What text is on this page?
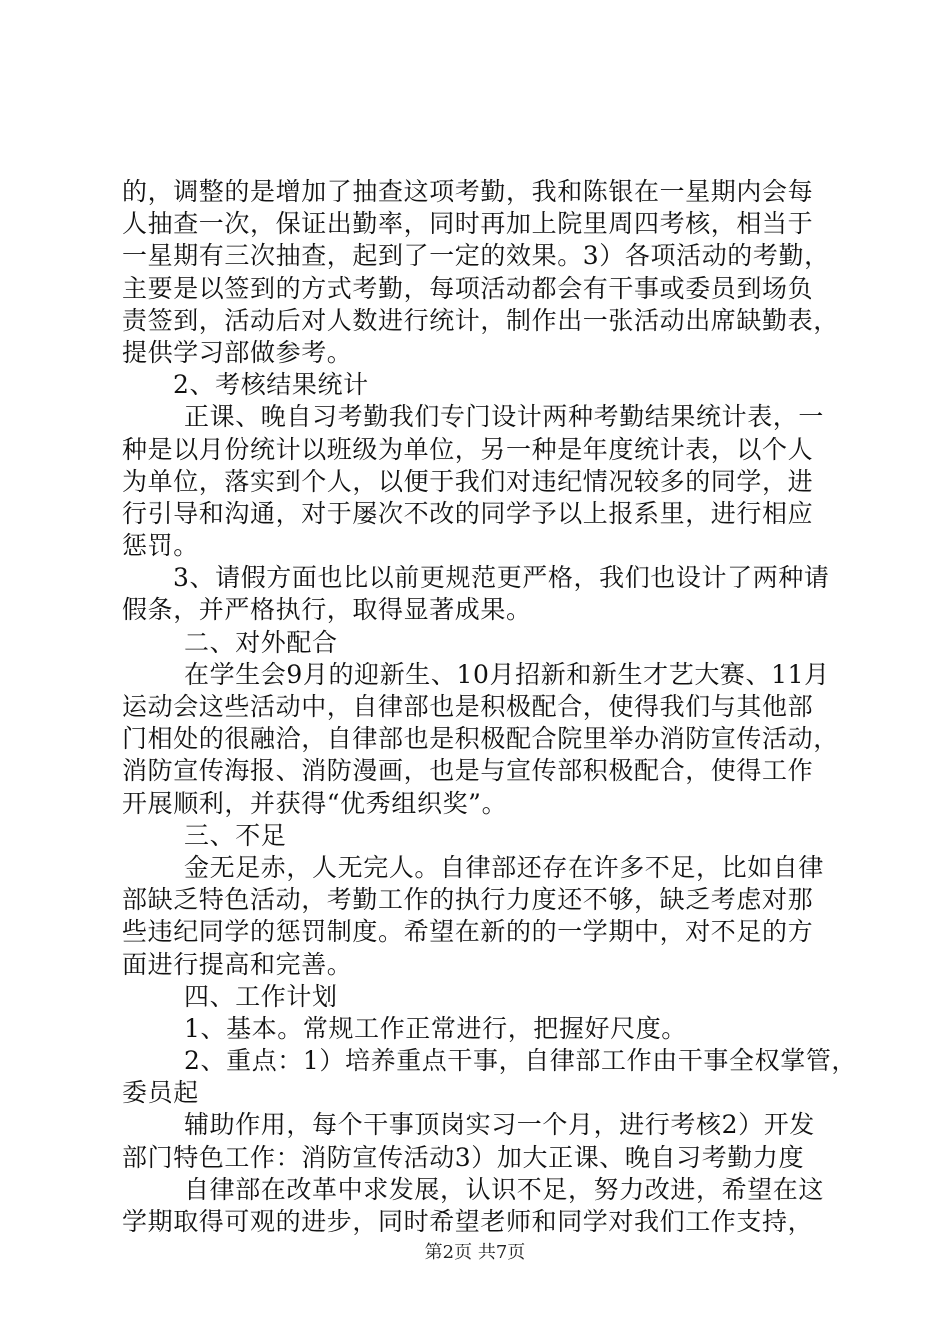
的，调整的是增加了抽查这项考勤，我和陈银在一星期内会每
人抽查一次，保证出勤率，同时再加上院里周四考核，相当于
一星期有三次抽查，起到了一定的效果。3）各项活动的考勤，
主要是以签到的方式考勤，每项活动都会有干事或委员到场负
责签到，活动后对人数进行统计，制作出一张活动出席缺勤表，
提供学习部做参考。
2、考核结果统计
正课、晚自习考勤我们专门设计两种考勤结果统计表，一
种是以月份统计以班级为单位，另一种是年度统计表，以个人
为单位，落实到个人，以便于我们对违纪情况较多的同学，进
行引导和沟通，对于屡次不改的同学予以上报系里，进行相应
惩罚。
3、请假方面也比以前更规范更严格，我们也设计了两种请
假条，并严格执行，取得显著成果。
二、对外配合
在学生会9月的迎新生、10月招新和新生才艺大赛、11月
运动会这些活动中，自律部也是积极配合，使得我们与其他部
门相处的很融洽，自律部也是积极配合院里举办消防宣传活动，
消防宣传海报、消防漫画，也是与宣传部积极配合，使得工作
开展顺利，并获得“优秀组织奖”。
三、不足
金无足赤，人无完人。自律部还存在许多不足，比如自律
部缺乏特色活动，考勤工作的执行力度还不够，缺乏考虑对那
些违纪同学的惩罚制度。希望在新的的一学期中，对不足的方
面进行提高和完善。
四、工作计划
1、基本。常规工作正常进行，把握好尺度。
2、重点：1）培养重点干事，自律部工作由干事全权掌管，
委员起
辅助作用，每个干事顶岗实习一个月，进行考核2）开发
部门特色工作：消防宣传活动3）加大正课、晚自习考勤力度
自律部在改革中求发展，认识不足，努力改进，希望在这
学期取得可观的进步，同时希望老师和同学对我们工作支持，
第2页 共7页
